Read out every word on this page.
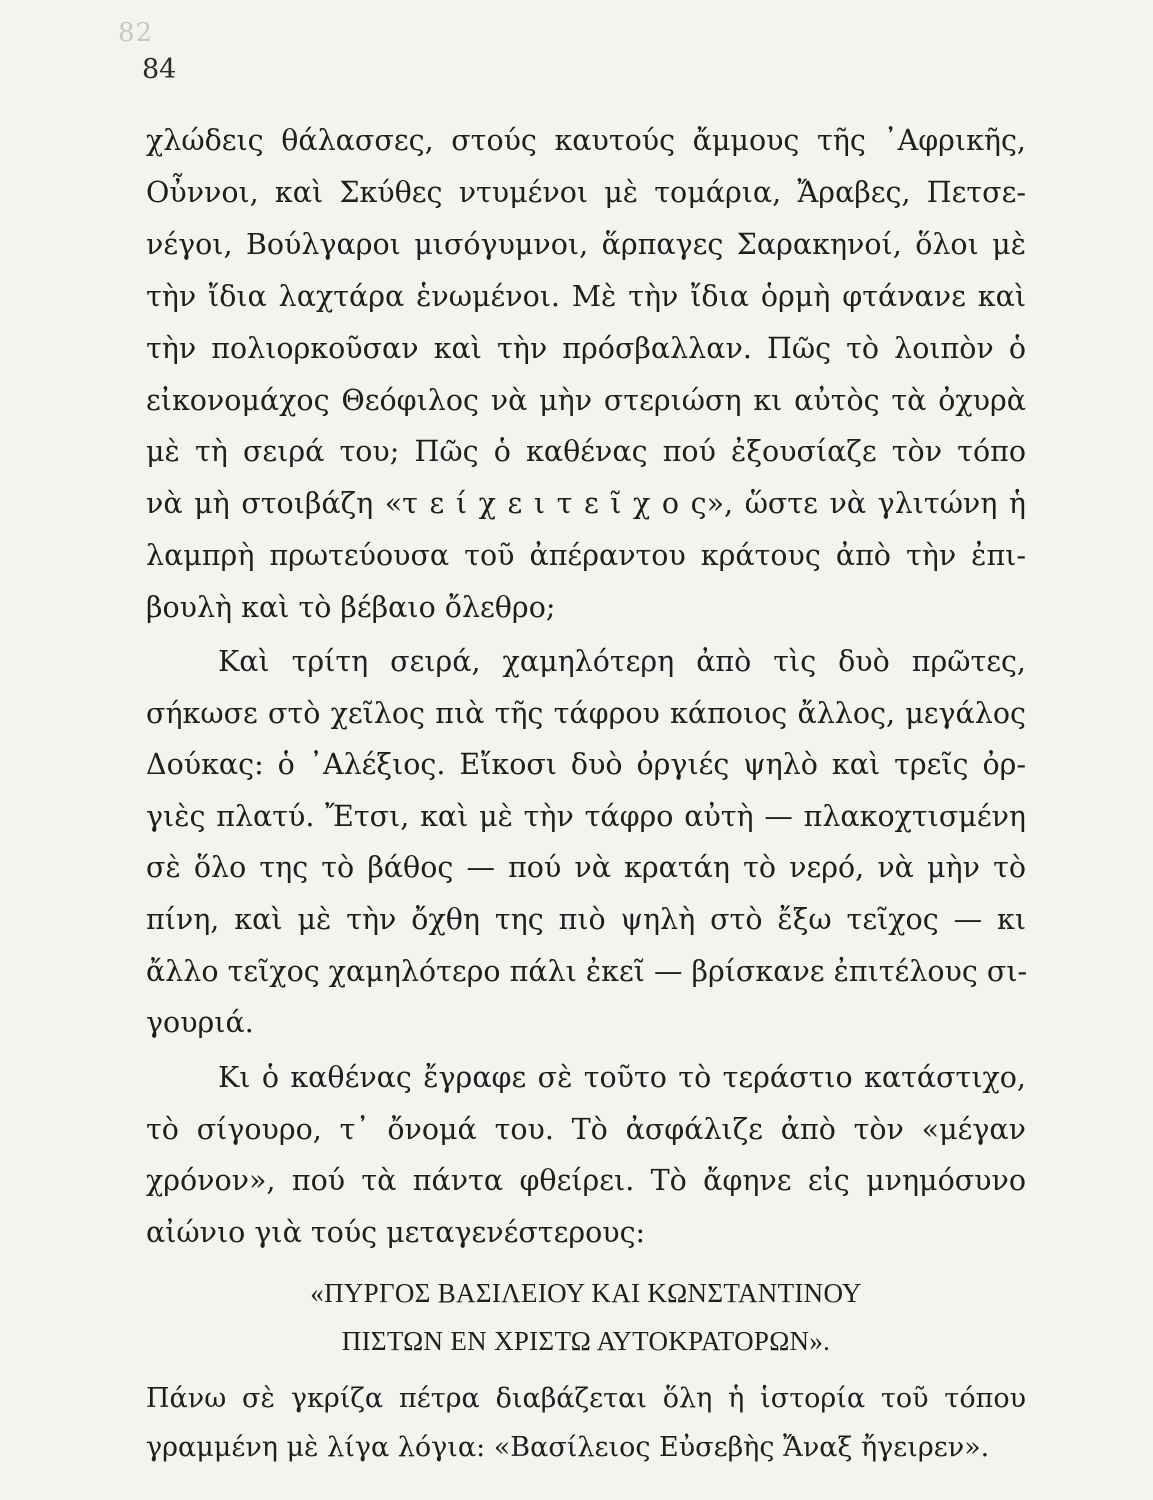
82
84
χλώδεις θάλασσες, στούς καυτούς ἄμμους τῆς ᾿Αφρικῆς,
Οὖννοι, καὶ Σκύθες ντυμένοι μὲ τομάρια, Ἄραβες, Πετσε-
νέγοι, Βούλγαροι μισόγυμνοι, ἅρπαγες Σαρακηνοί, ὅλοι μὲ
τὴν ἴδια λαχτάρα ἑνωμένοι. Μὲ τὴν ἴδια ὁρμὴ φτάνανε καὶ
τὴν πολιορκοῦσαν καὶ τὴν πρόσβαλλαν. Πῶς τὸ λοιπὸν ὁ
εἰκονομάχος Θεόφιλος νὰ μὴν στεριώση κι αὐτὸς τὰ ὀχυρὰ
μὲ τὴ σειρά του; Πῶς ὁ καθένας πού ἐξουσίαζε τὸν τόπο
νὰ μὴ στοιβάζη «τ ε ί χ ε ι τ ε ῖ χ ο ς», ὥστε νὰ γλιτώνη ἡ
λαμπρὴ πρωτεύουσα τοῦ ἀπέραντου κράτους ἀπὸ τὴν ἐπι-
βουλὴ καὶ τὸ βέβαιο ὄλεθρο;
Καὶ τρίτη σειρά, χαμηλότερη ἀπὸ τὶς δυὸ πρῶτες,
σήκωσε στὸ χεῖλος πιὰ τῆς τάφρου κάποιος ἄλλος, μεγάλος
Δούκας: ὁ ᾿Αλέξιος. Εἴκοσι δυὸ ὀργιές ψηλὸ καὶ τρεῖς ὀρ-
γιὲς πλατύ. Ἔτσι, καὶ μὲ τὴν τάφρο αὐτὴ — πλακοχτισμένη
σὲ ὅλο της τὸ βάθος — πού νὰ κρατάη τὸ νερό, νὰ μὴν τὸ
πίνη, καὶ μὲ τὴν ὄχθη της πιὸ ψηλὴ στὸ ἔξω τεῖχος — κι
ἄλλο τεῖχος χαμηλότερο πάλι ἐκεῖ — βρίσκανε ἐπιτέλους σι-
γουριά.
Κι ὁ καθένας ἔγραφε σὲ τοῦτο τὸ τεράστιο κατάστιχο,
τὸ σίγουρο, τ᾿ ὄνομά του. Τὸ ἀσφάλιζε ἀπὸ τὸν «μέγαν
χρόνον», πού τὰ πάντα φθείρει. Τὸ ἄφηνε εἰς μνημόσυνο
αἰώνιο γιὰ τούς μεταγενέστερους:
«ΠΥΡΓΟΣ ΒΑΣΙΛΕΙΟΥ ΚΑΙ ΚΩΝΣΤΑΝΤΙΝΟΥ
ΠΙΣΤΩΝ ΕΝ ΧΡΙΣΤΩ ΑΥΤΟΚΡΑΤΟΡΩΝ».
Πάνω σὲ γκρίζα πέτρα διαβάζεται ὅλη ἡ ἱστορία τοῦ τόπου
γραμμένη μὲ λίγα λόγια: «Βασίλειος Εὐσεβὴς Ἄναξ ἤγειρεν».
